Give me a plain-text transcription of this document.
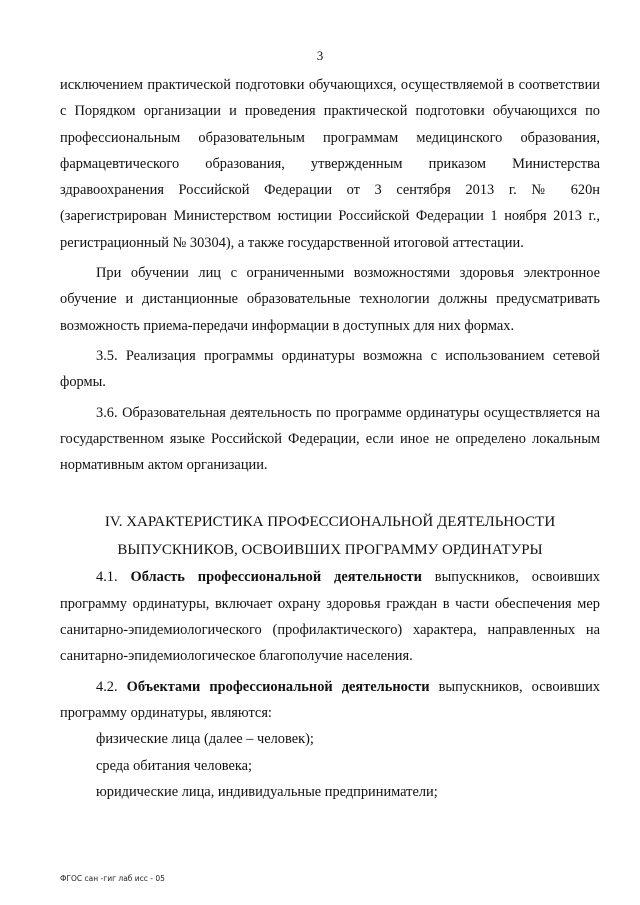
3

исключением практической подготовки обучающихся, осуществляемой в соответствии с Порядком организации и проведения практической подготовки обучающихся по профессиональным образовательным программам медицинского образования, фармацевтического образования, утвержденным приказом Министерства здравоохранения Российской Федерации от 3 сентября 2013 г. № 620н (зарегистрирован Министерством юстиции Российской Федерации 1 ноября 2013 г., регистрационный № 30304), а также государственной итоговой аттестации.

При обучении лиц с ограниченными возможностями здоровья электронное обучение и дистанционные образовательные технологии должны предусматривать возможность приема-передачи информации в доступных для них формах.

3.5. Реализация программы ординатуры возможна с использованием сетевой формы.

3.6. Образовательная деятельность по программе ординатуры осуществляется на государственном языке Российской Федерации, если иное не определено локальным нормативным актом организации.

IV. ХАРАКТЕРИСТИКА ПРОФЕССИОНАЛЬНОЙ ДЕЯТЕЛЬНОСТИ
ВЫПУСКНИКОВ, ОСВОИВШИХ ПРОГРАММУ ОРДИНАТУРЫ

4.1. Область профессиональной деятельности выпускников, освоивших программу ординатуры, включает охрану здоровья граждан в части обеспечения мер санитарно-эпидемиологического (профилактического) характера, направленных на санитарно-эпидемиологическое благополучие населения.

4.2. Объектами профессиональной деятельности выпускников, освоивших программу ординатуры, являются:

физические лица (далее – человек);

среда обитания человека;

юридические лица, индивидуальные предприниматели;

ФГОС сан -гиг лаб исс - 05
